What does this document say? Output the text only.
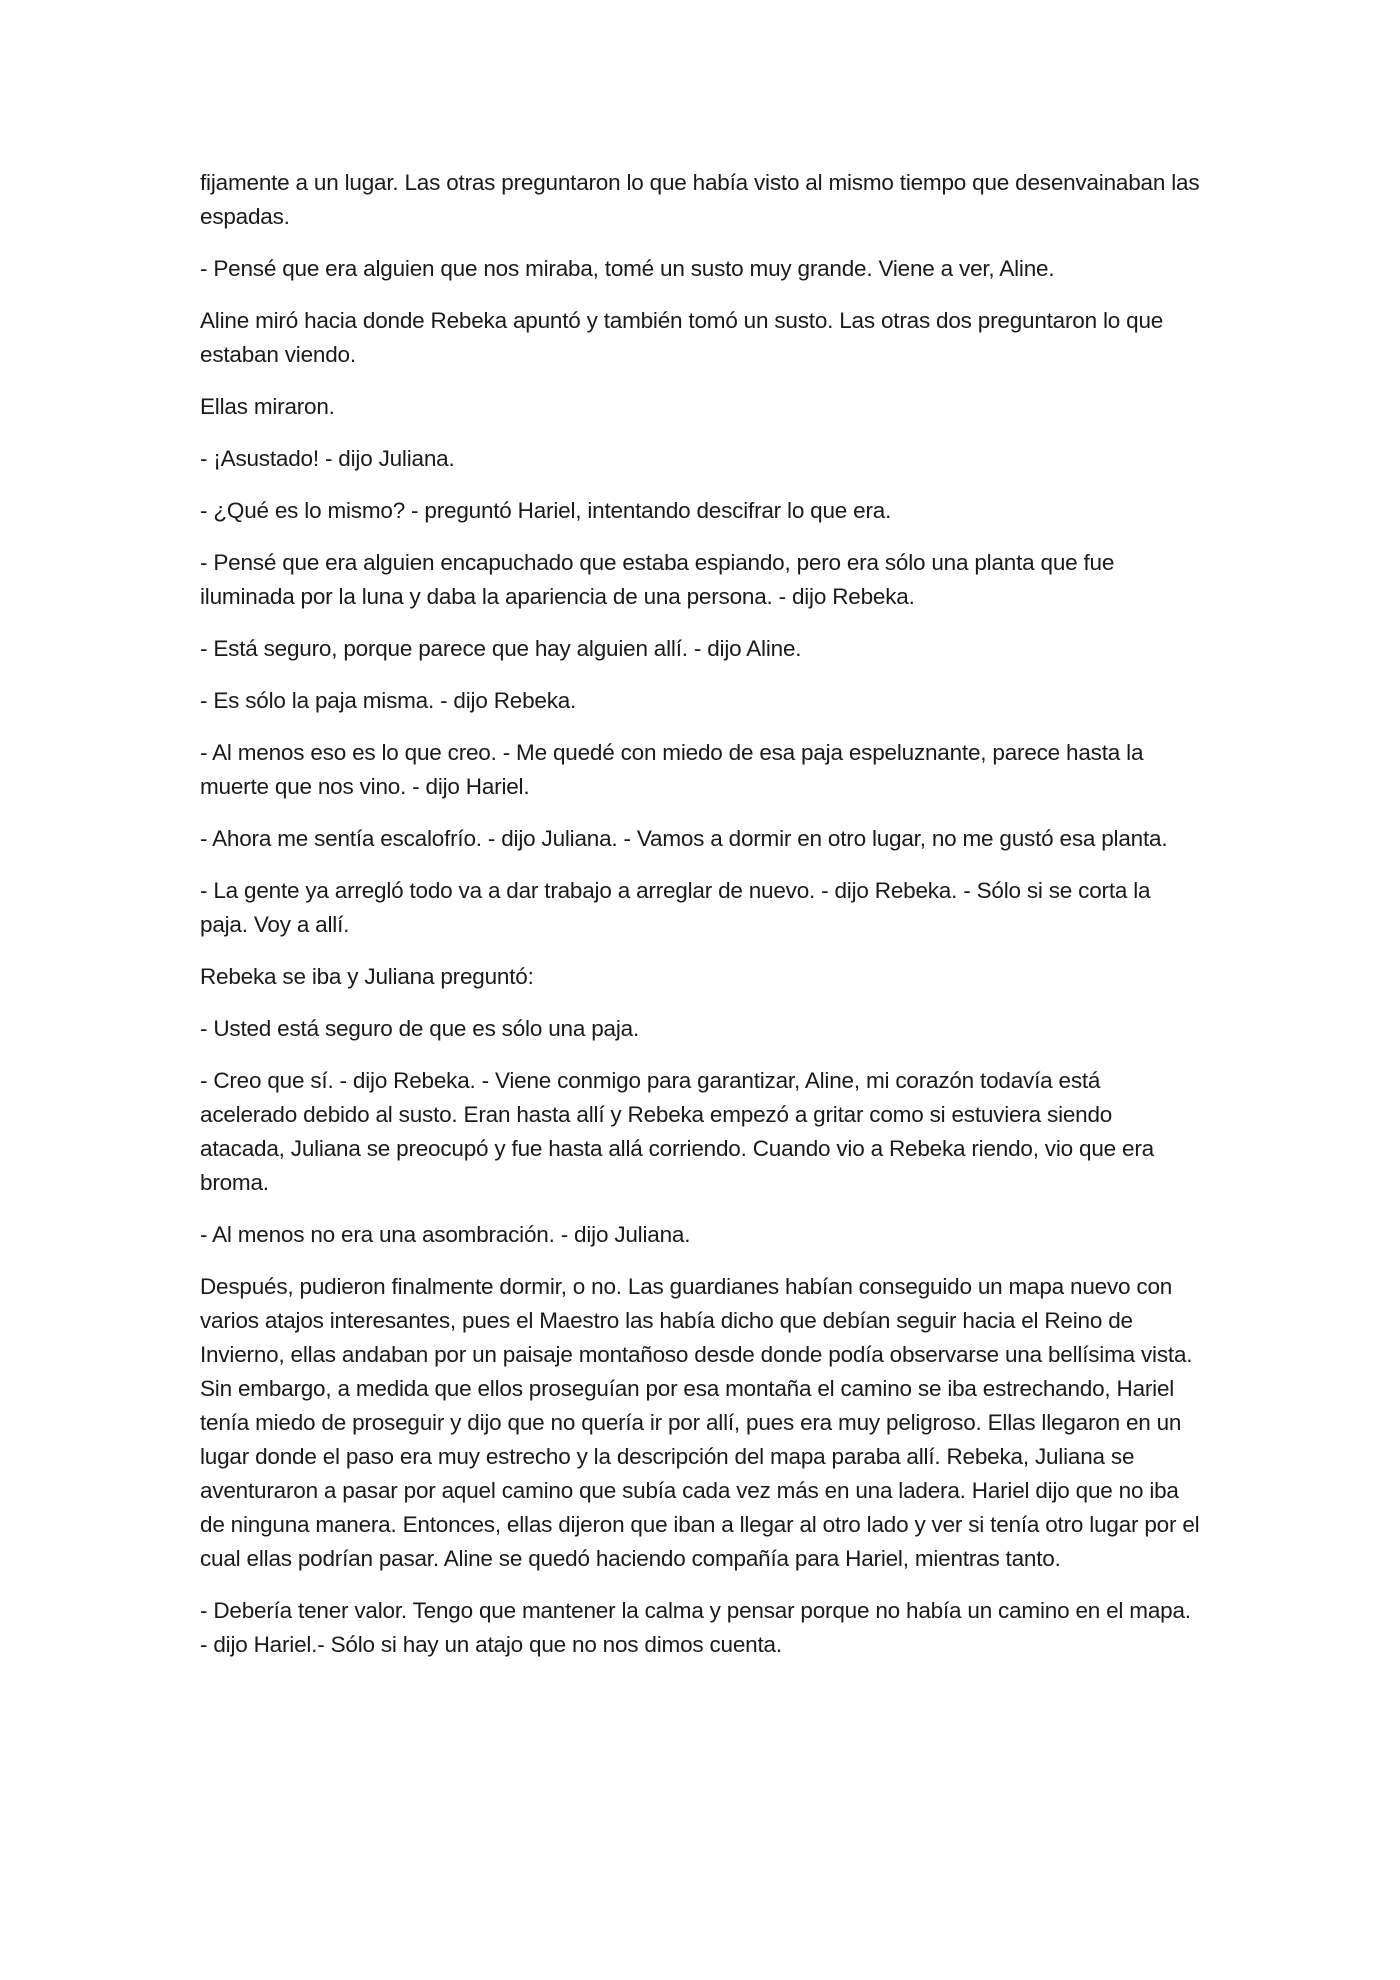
fijamente a un lugar. Las otras preguntaron lo que había visto al mismo tiempo que desenvainaban las espadas.

- Pensé que era alguien que nos miraba, tomé un susto muy grande. Viene a ver, Aline.

Aline miró hacia donde Rebeka apuntó y también tomó un susto. Las otras dos preguntaron lo que estaban viendo.

Ellas miraron.

- ¡Asustado! - dijo Juliana.

- ¿Qué es lo mismo? - preguntó Hariel, intentando descifrar lo que era.

- Pensé que era alguien encapuchado que estaba espiando, pero era sólo una planta que fue iluminada por la luna y daba la apariencia de una persona. - dijo Rebeka.

- Está seguro, porque parece que hay alguien allí. - dijo Aline.

- Es sólo la paja misma. - dijo Rebeka.

- Al menos eso es lo que creo. - Me quedé con miedo de esa paja espeluznante, parece hasta la muerte que nos vino. - dijo Hariel.

- Ahora me sentía escalofrío. - dijo Juliana. - Vamos a dormir en otro lugar, no me gustó esa planta.

- La gente ya arregló todo va a dar trabajo a arreglar de nuevo. - dijo Rebeka. - Sólo si se corta la paja. Voy a allí.

Rebeka se iba y Juliana preguntó:

- Usted está seguro de que es sólo una paja.

- Creo que sí. - dijo Rebeka. - Viene conmigo para garantizar, Aline, mi corazón todavía está acelerado debido al susto. Eran hasta allí y Rebeka empezó a gritar como si estuviera siendo atacada, Juliana se preocupó y fue hasta allá corriendo. Cuando vio a Rebeka riendo, vio que era broma.

- Al menos no era una asombración. - dijo Juliana.

Después, pudieron finalmente dormir, o no. Las guardianes habían conseguido un mapa nuevo con varios atajos interesantes, pues el Maestro las había dicho que debían seguir hacia el Reino de Invierno, ellas andaban por un paisaje montañoso desde donde podía observarse una bellísima vista. Sin embargo, a medida que ellos proseguían por esa montaña el camino se iba estrechando, Hariel tenía miedo de proseguir y dijo que no quería ir por allí, pues era muy peligroso. Ellas llegaron en un lugar donde el paso era muy estrecho y la descripción del mapa paraba allí. Rebeka, Juliana se aventuraron a pasar por aquel camino que subía cada vez más en una ladera. Hariel dijo que no iba de ninguna manera. Entonces, ellas dijeron que iban a llegar al otro lado y ver si tenía otro lugar por el cual ellas podrían pasar. Aline se quedó haciendo compañía para Hariel, mientras tanto.

- Debería tener valor. Tengo que mantener la calma y pensar porque no había un camino en el mapa. - dijo Hariel.- Sólo si hay un atajo que no nos dimos cuenta.
